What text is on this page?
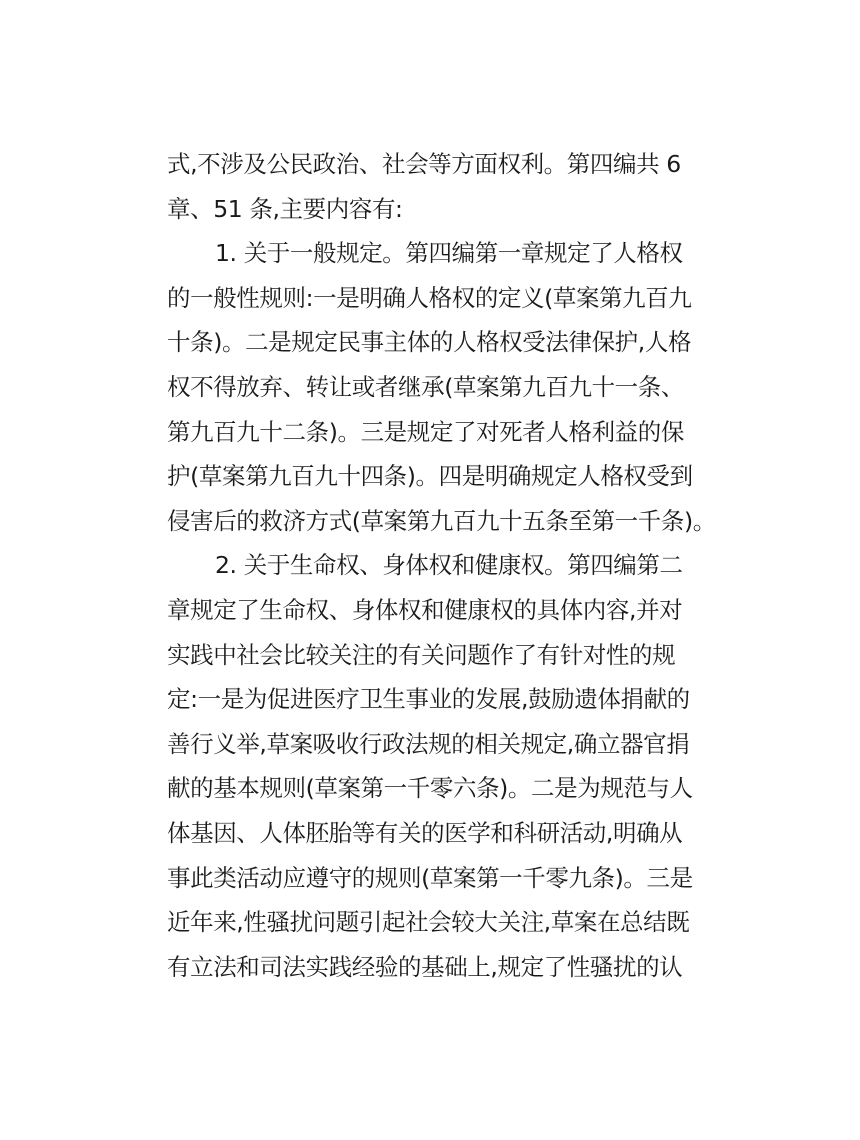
式,不涉及公民政治、社会等方面权利。第四编共 6
章、51 条,主要内容有:
1. 关于一般规定。第四编第一章规定了人格权
的一般性规则:一是明确人格权的定义(草案第九百九
十条)。二是规定民事主体的人格权受法律保护,人格
权不得放弃、转让或者继承(草案第九百九十一条、
第九百九十二条)。三是规定了对死者人格利益的保
护(草案第九百九十四条)。四是明确规定人格权受到
侵害后的救济方式(草案第九百九十五条至第一千条)。
2. 关于生命权、身体权和健康权。第四编第二
章规定了生命权、身体权和健康权的具体内容,并对
实践中社会比较关注的有关问题作了有针对性的规
定:一是为促进医疗卫生事业的发展,鼓励遗体捐献的
善行义举,草案吸收行政法规的相关规定,确立器官捐
献的基本规则(草案第一千零六条)。二是为规范与人
体基因、人体胚胎等有关的医学和科研活动,明确从
事此类活动应遵守的规则(草案第一千零九条)。三是
近年来,性骚扰问题引起社会较大关注,草案在总结既
有立法和司法实践经验的基础上,规定了性骚扰的认
